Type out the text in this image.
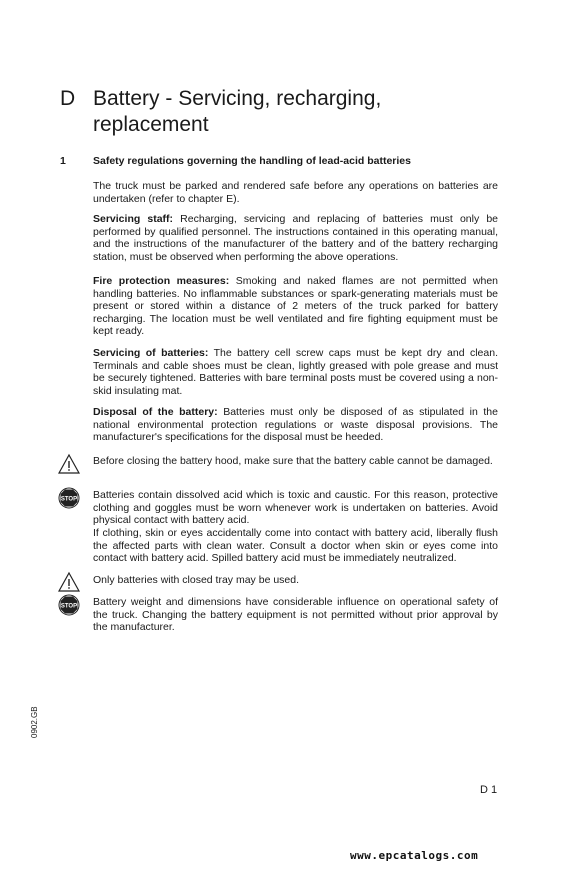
D Battery - Servicing, recharging, replacement
1	Safety regulations governing the handling of lead-acid batteries

The truck must be parked and rendered safe before any operations on batteries are undertaken (refer to chapter E).

Servicing staff: Recharging, servicing and replacing of batteries must only be performed by qualified personnel. The instructions contained in this operating manual, and the instructions of the manufacturer of the battery and of the battery recharging station, must be observed when performing the above operations.

Fire protection measures: Smoking and naked flames are not permitted when handling batteries. No inflammable substances or spark-generating materials must be present or stored within a distance of 2 meters of the truck parked for battery recharging. The location must be well ventilated and fire fighting equipment must be kept ready.

Servicing of batteries: The battery cell screw caps must be kept dry and clean. Terminals and cable shoes must be clean, lightly greased with pole grease and must be securely tightened. Batteries with bare terminal posts must be covered using a non-skid insulating mat.

Disposal of the battery: Batteries must only be disposed of as stipulated in the national environmental protection regulations or waste disposal provisions. The manufacturer's specifications for the disposal must be heeded.

Before closing the battery hood, make sure that the battery cable cannot be damaged.

STOP Batteries contain dissolved acid which is toxic and caustic. For this reason, protective clothing and goggles must be worn whenever work is undertaken on batteries. Avoid physical contact with battery acid.

If clothing, skin or eyes accidentally come into contact with battery acid, liberally flush the affected parts with clean water. Consult a doctor when skin or eyes come into contact with battery acid. Spilled battery acid must be immediately neutralized.

Only batteries with closed tray may be used.

STOP Battery weight and dimensions have considerable influence on operational safety of the truck. Changing the battery equipment is not permitted without prior approval by the manufacturer.

0902.GB
D 1
www.epcatalogs.com
